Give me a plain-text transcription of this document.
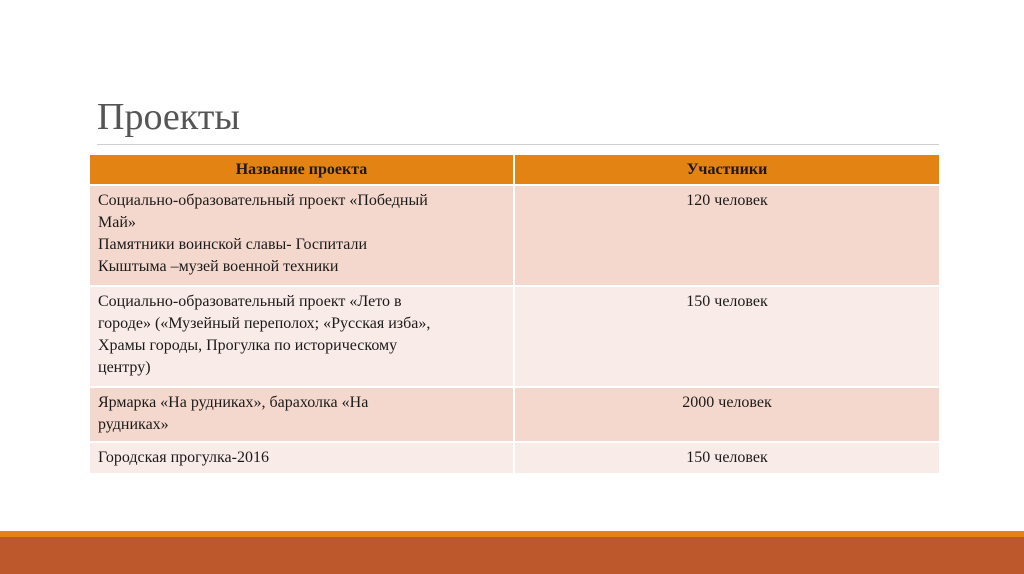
Проекты
Название проекта	Участники

Социально-образовательный проект «Победный
Май»
Памятники воинской славы- Госпитали
Кыштыма –музей военной техники	120 человек

Социально-образовательный проект «Лето в
городе» («Музейный переполох; «Русская изба»,
Храмы городы, Прогулка по историческому
центру)	150 человек

Ярмарка «На рудниках», барахолка «На
рудниках»	2000 человек

Городская прогулка-2016	150 человек
